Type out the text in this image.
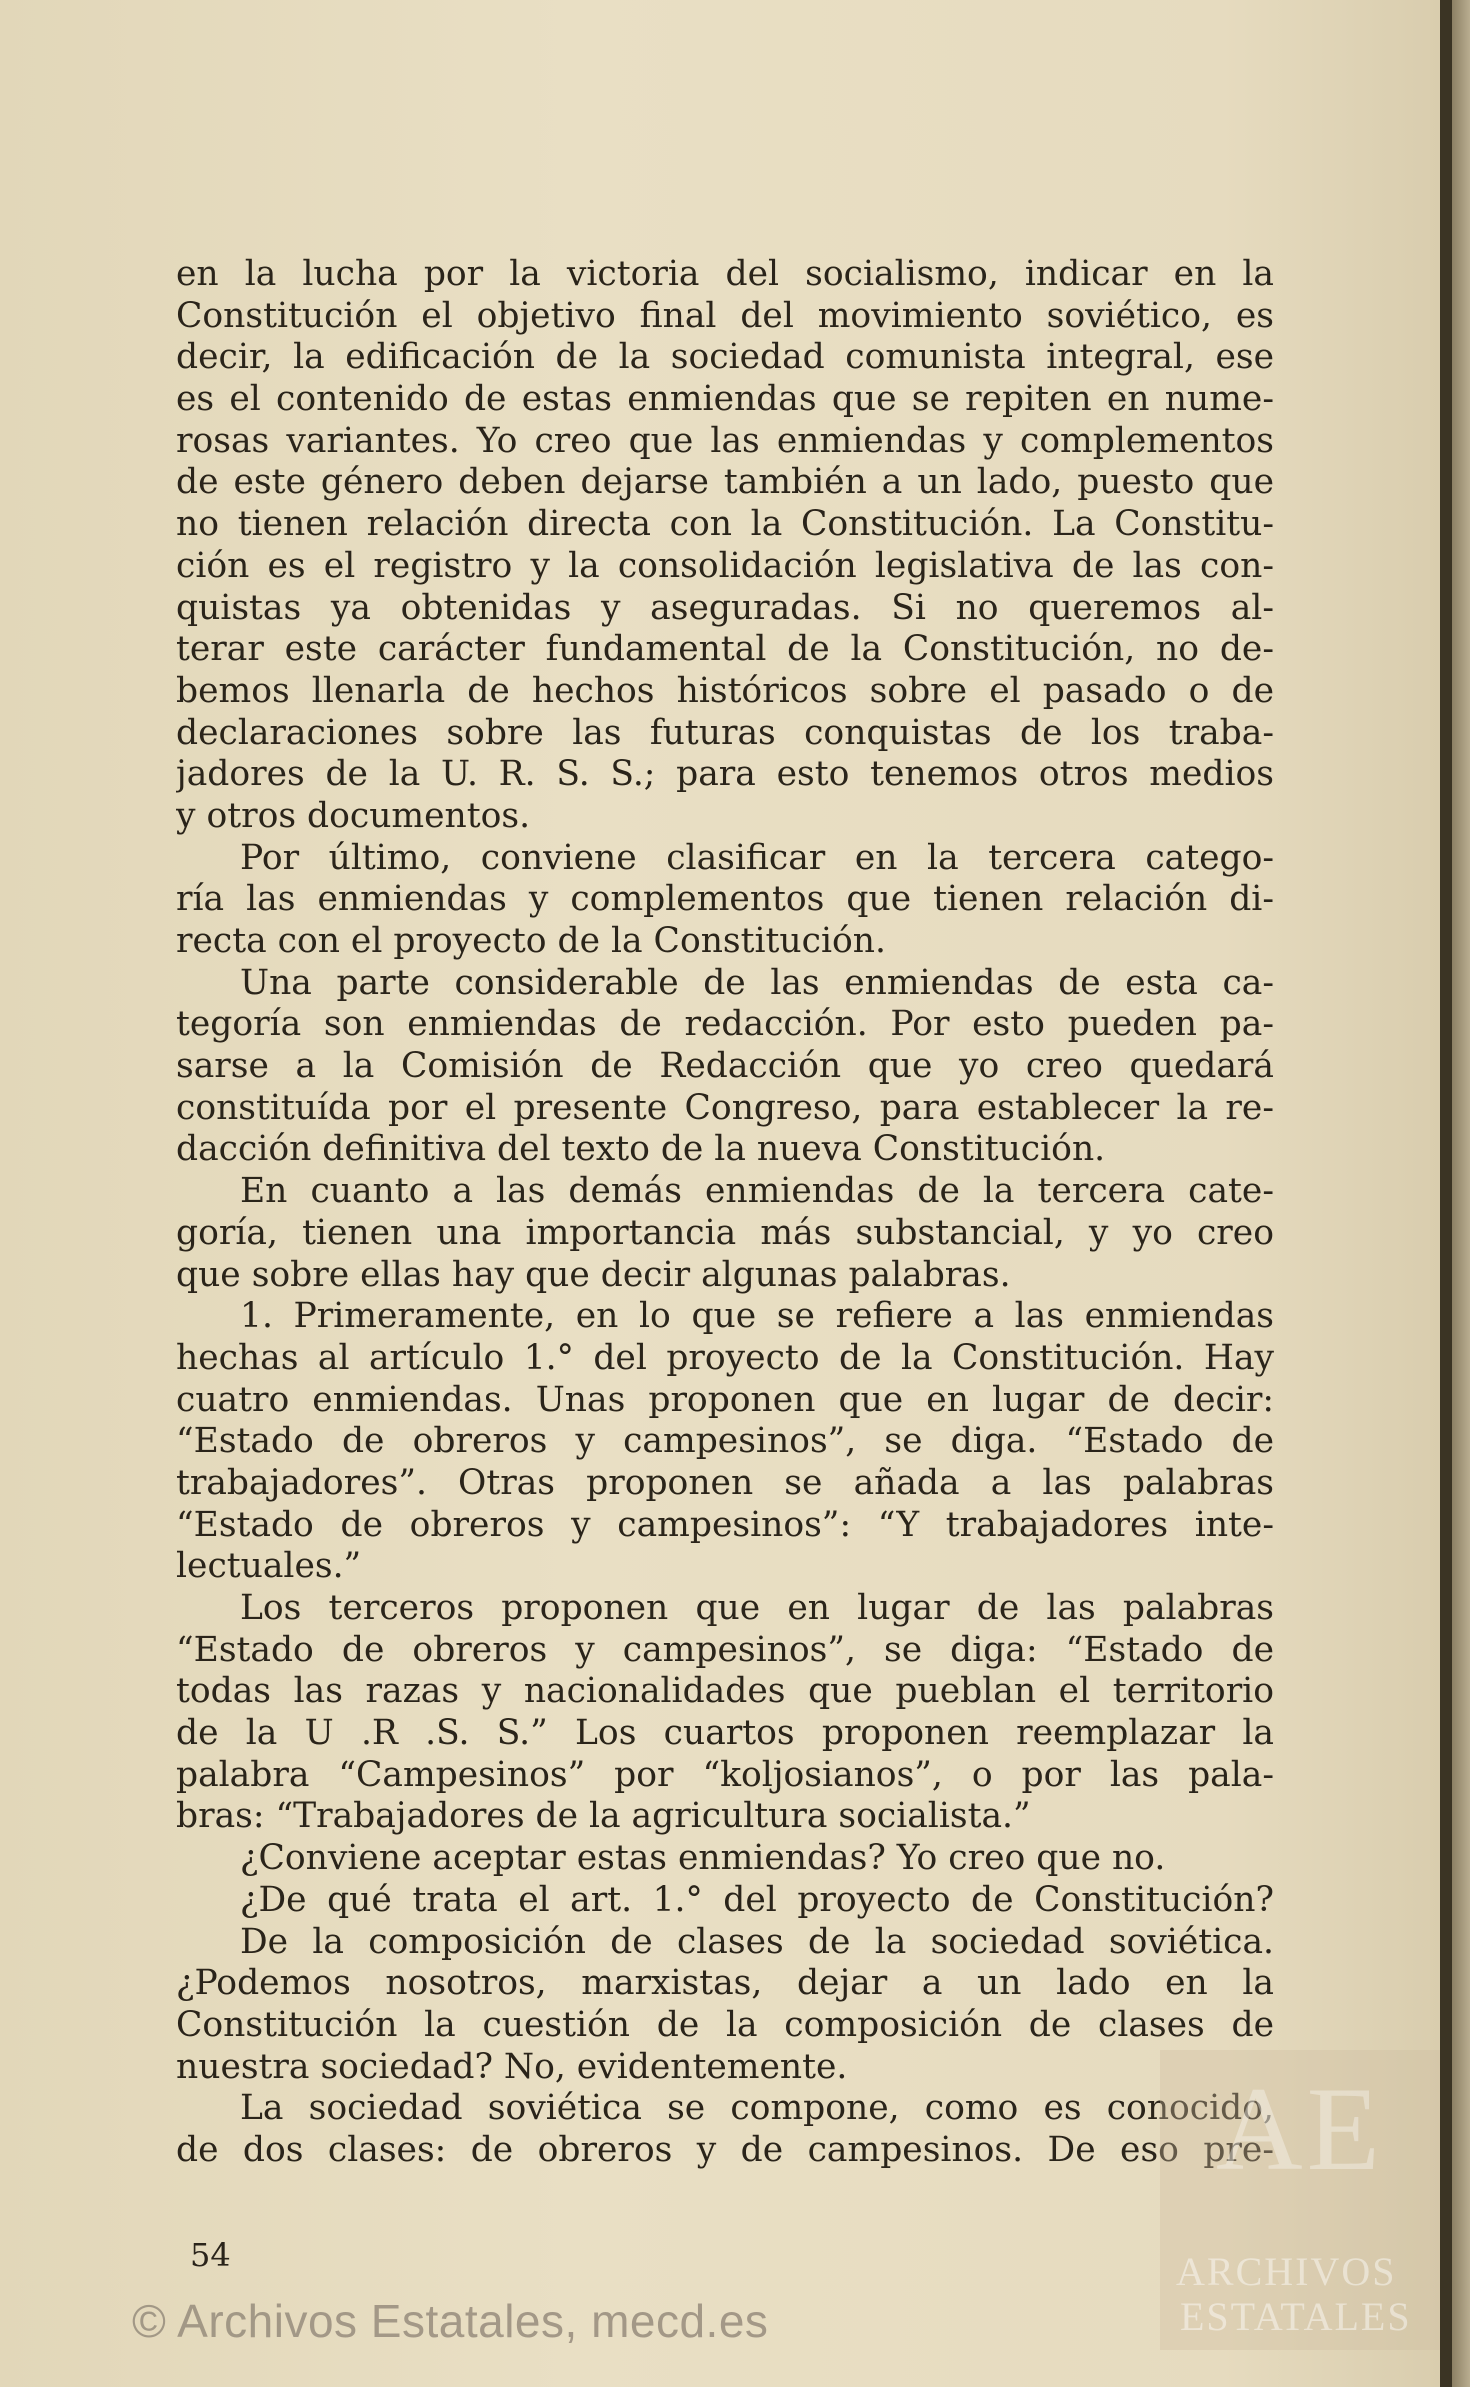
en la lucha por la victoria del socialismo, indicar en la
Constitución el objetivo final del movimiento soviético, es
decir, la edificación de la sociedad comunista integral, ese
es el contenido de estas enmiendas que se repiten en nume-
rosas variantes. Yo creo que las enmiendas y complementos
de este género deben dejarse también a un lado, puesto que
no tienen relación directa con la Constitución. La Constitu-
ción es el registro y la consolidación legislativa de las con-
quistas ya obtenidas y aseguradas. Si no queremos al-
terar este carácter fundamental de la Constitución, no de-
bemos llenarla de hechos históricos sobre el pasado o de
declaraciones sobre las futuras conquistas de los traba-
jadores de la U. R. S. S.; para esto tenemos otros medios
y otros documentos.
Por último, conviene clasificar en la tercera catego-
ría las enmiendas y complementos que tienen relación di-
recta con el proyecto de la Constitución.
Una parte considerable de las enmiendas de esta ca-
tegoría son enmiendas de redacción. Por esto pueden pa-
sarse a la Comisión de Redacción que yo creo quedará
constituída por el presente Congreso, para establecer la re-
dacción definitiva del texto de la nueva Constitución.
En cuanto a las demás enmiendas de la tercera cate-
goría, tienen una importancia más substancial, y yo creo
que sobre ellas hay que decir algunas palabras.
1. Primeramente, en lo que se refiere a las enmiendas
hechas al artículo 1.° del proyecto de la Constitución. Hay
cuatro enmiendas. Unas proponen que en lugar de decir:
“Estado de obreros y campesinos”, se diga. “Estado de
trabajadores”. Otras proponen se añada a las palabras
“Estado de obreros y campesinos”: “Y trabajadores inte-
lectuales.”
Los terceros proponen que en lugar de las palabras
“Estado de obreros y campesinos”, se diga: “Estado de
todas las razas y nacionalidades que pueblan el territorio
de la U .R .S. S.” Los cuartos proponen reemplazar la
palabra “Campesinos” por “koljosianos”, o por las pala-
bras: “Trabajadores de la agricultura socialista.”
¿Conviene aceptar estas enmiendas? Yo creo que no.
¿De qué trata el art. 1.° del proyecto de Constitución?
De la composición de clases de la sociedad soviética.
¿Podemos nosotros, marxistas, dejar a un lado en la
Constitución la cuestión de la composición de clases de
nuestra sociedad? No, evidentemente.
La sociedad soviética se compone, como es conocido,
de dos clases: de obreros y de campesinos. De eso pre-
54
AE
ARCHIVOS
ESTATALES
© Archivos Estatales, mecd.es
